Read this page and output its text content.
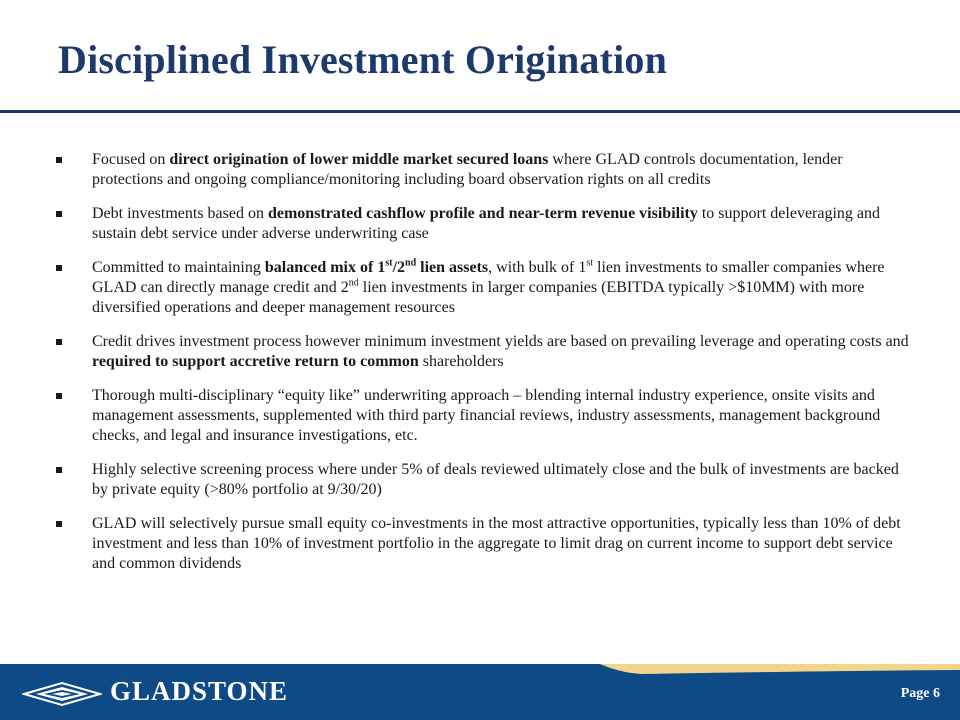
Disciplined Investment Origination
Focused on direct origination of lower middle market secured loans where GLAD controls documentation, lender protections and ongoing compliance/monitoring including board observation rights on all credits
Debt investments based on demonstrated cashflow profile and near-term revenue visibility to support deleveraging and sustain debt service under adverse underwriting case
Committed to maintaining balanced mix of 1st/2nd lien assets, with bulk of 1st lien investments to smaller companies where GLAD can directly manage credit and 2nd lien investments in larger companies (EBITDA typically >$10MM) with more diversified operations and deeper management resources
Credit drives investment process however minimum investment yields are based on prevailing leverage and operating costs and required to support accretive return to common shareholders
Thorough multi-disciplinary “equity like” underwriting approach – blending internal industry experience, onsite visits and management assessments, supplemented with third party financial reviews, industry assessments, management background checks, and legal and insurance investigations, etc.
Highly selective screening process where under 5% of deals reviewed ultimately close and the bulk of investments are backed by private equity (>80% portfolio at 9/30/20)
GLAD will selectively pursue small equity co-investments in the most attractive opportunities, typically less than 10% of debt investment and less than 10% of investment portfolio in the aggregate to limit drag on current income to support debt service and common dividends
GLADSTONE	Page 6
